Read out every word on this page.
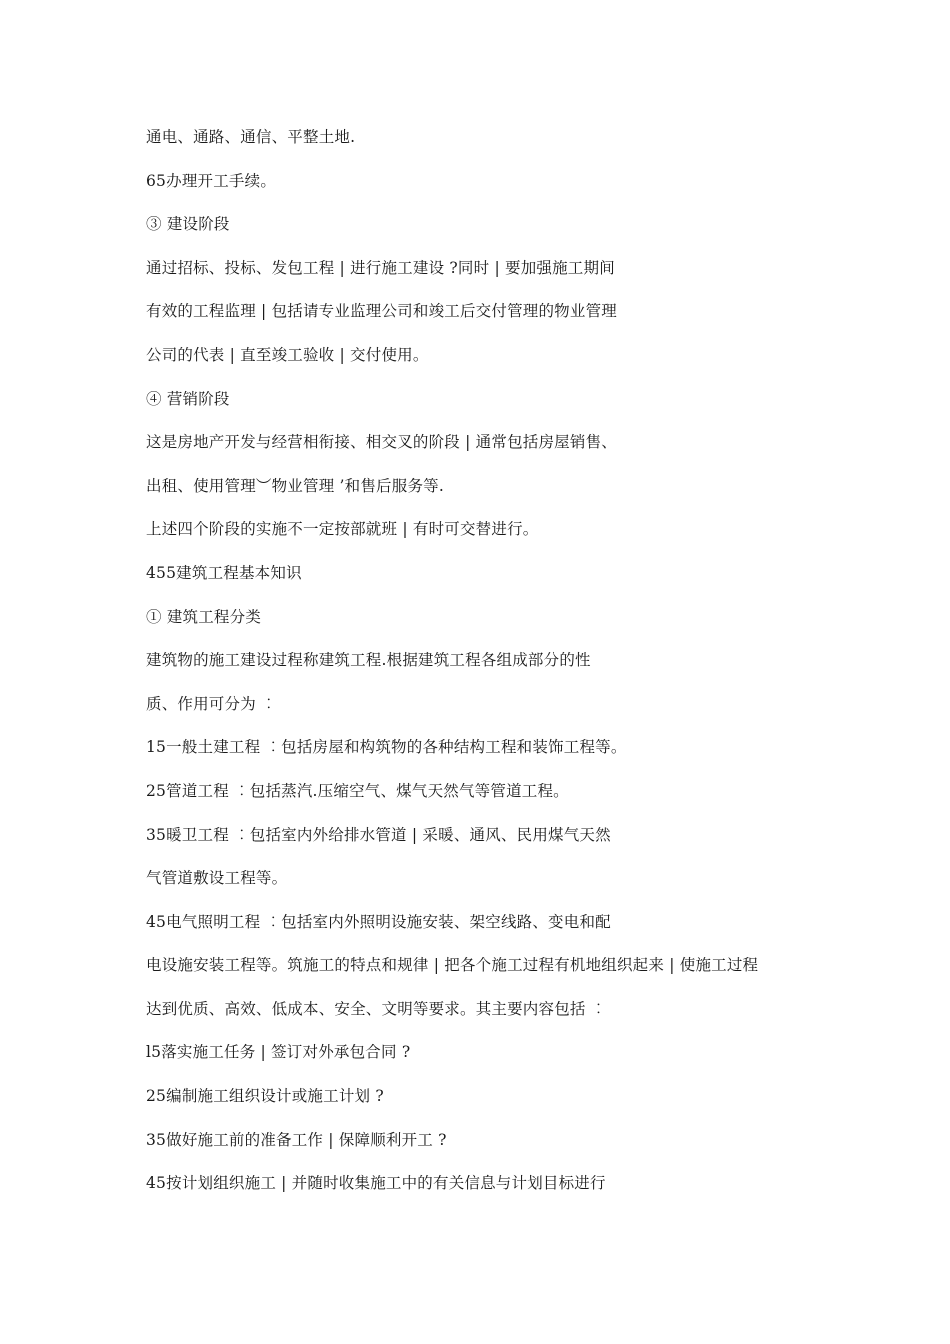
通电、通路、通信、平整土地.
65办理开工手续。
③ 建设阶段
通过招标、投标、发包工程 | 进行施工建设 ?同时 | 要加强施工期间
有效的工程监理 | 包括请专业监理公司和竣工后交付管理的物业管理
公司的代表 | 直至竣工验收 | 交付使用。
④ 营销阶段
这是房地产开发与经营相衔接、相交叉的阶段 | 通常包括房屋销售、
出租、使用管理︶物业管理 ’和售后服务等.
上述四个阶段的实施不一定按部就班 | 有时可交替进行。
455建筑工程基本知识
① 建筑工程分类
建筑物的施工建设过程称建筑工程.根据建筑工程各组成部分的性
质、作用可分为 ︰
15一般土建工程 ︰包括房屋和构筑物的各种结构工程和装饰工程等。
25管道工程 ︰包括蒸汽.压缩空气、煤气天然气等管道工程。
35暖卫工程 ︰包括室内外给排水管道 | 采暖、通风、民用煤气天然
气管道敷设工程等。
45电气照明工程 ︰包括室内外照明设施安装、架空线路、变电和配
电设施安装工程等。筑施工的特点和规律 | 把各个施工过程有机地组织起来 | 使施工过程
达到优质、高效、低成本、安全、文明等要求。其主要内容包括 ︰
l5落实施工任务 | 签订对外承包合同 ?
25编制施工组织设计或施工计划 ?
35做好施工前的准备工作 | 保障顺利开工 ?
45按计划组织施工 | 并随时收集施工中的有关信息与计划目标进行
